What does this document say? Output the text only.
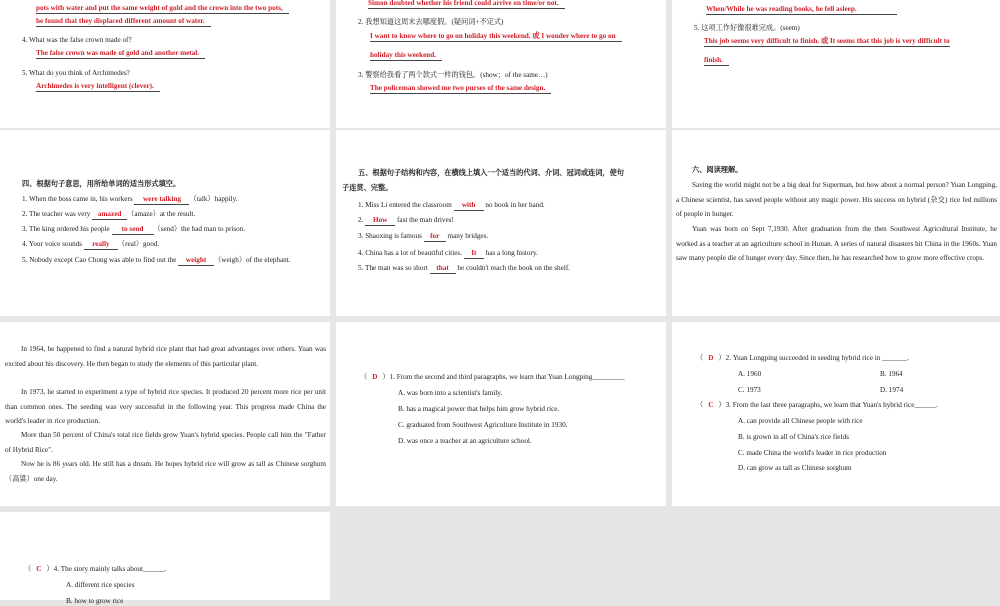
pots with water and put the same weight of gold and the crown into the two pots,
he found that they displaced different amount of water.
4. What was the false crown made of?
The false crown was made of gold and another metal.
5. What do you think of Archimedes?
Archimedes is very intelligent (clever).
Simon doubted whether his friend could arrive on time/or not.
2. 我想知道这周末去哪度假。(疑问词+不定式)
I want to know where to go on holiday this weekend. 或 I wonder where to go on
holiday this weekend.
3. 警察给我看了两个款式一样的钱包。(show；of the same…)
The policeman showed me two purses of the same design.
When/While he was reading books, he fell asleep.
5. 这项工作好像很难完成。(seem)
This job seems very difficult to finish. 或 It seems that this job is very difficult to
finish.
四、根据句子意思，用所给单词的适当形式填空。
1. When the boss came in, his workers were talking （talk）happily.
2. The teacher was very amazed （amaze）at the result.
3. The king ordered his people to send （send）the bad man to prison.
4. Your voice sounds really （real）good.
5. Nobody except Cao Chong was able to find out the weight （weigh）of the elephant.
五、根据句子结构和内容，在横线上填入一个适当的代词、介词、冠词或连词，使句
子连贯、完整。
1. Miss Li entered the classroom with no book in her hand.
2. How fast the man drives!
3. Shaoxing is famous for many bridges.
4. China has a lot of beautiful cities. It has a long history.
5. The man was so short that he couldn't reach the book on the shelf.
六、阅读理解。
Saving the world might not be a big deal for Superman, but how about a normal person? Yuan Longping, a Chinese scientist, has saved people without any magic power. His success on hybrid (杂交) rice fed millions of people in hunger.
Yuan was born on Sept 7,1930. After graduation from the then Southwest Agricultural Institute, he worked as a teacher at an agriculture school in Hunan. A series of natural disasters hit China in the 1960s. Yuan saw many people die of hunger every day. Since then, he has researched how to grow more effective crops.
In 1964, he happened to find a natural hybrid rice plant that had great advantages over others. Yuan was excited about his discovery. He then began to study the elements of this particular plant.
In 1973, he started to experiment a type of hybrid rice species. It produced 20 percent more rice per unit than common ones. The seeding was very successful in the following year. This progress made China the world's leader in rice production.
More than 50 percent of China's total rice fields grow Yuan's hybrid species. People call him the "Father of Hybrid Rice".
Now he is 86 years old. He still has a dream. He hopes hybrid rice will grow as tall as Chinese sorghum（高粱）one day.
（ D ）1. From the second and third paragraphs, we learn that Yuan Longping_________
A. was born into a scientist's family.
B. has a magical power that helps him grow hybrid rice.
C. graduated from Southwest Agriculture Institute in 1930.
D. was once a teacher at an agriculture school.
（ D ）2. Yuan Longping succeeded in seeding hybrid rice in _______.
A. 1960	B. 1964
C. 1973	D. 1974
（ C ）3. From the last three paragraphs, we learn that Yuan's hybrid rice______.
A. can provide all Chinese people with rice
B. is grown in all of China's rice fields
C. made China the world's leader in rice production
D. can grow as tall as Chinese sorghum
（ C ）4. The story mainly talks about______.
A. different rice species
B. how to grow rice
